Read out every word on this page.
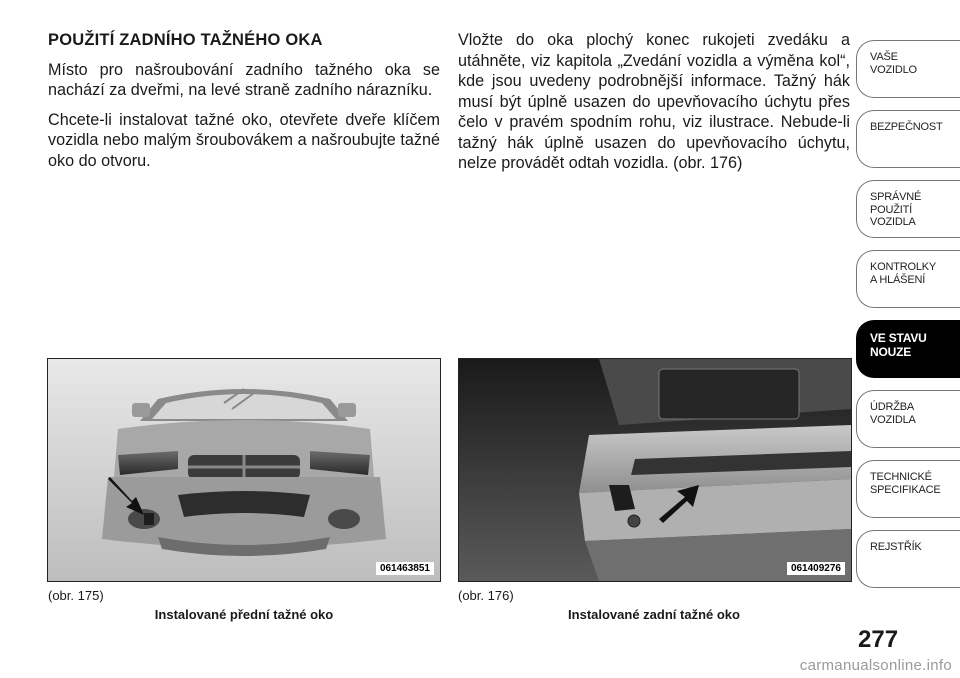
POUŽITÍ ZADNÍHO TAŽNÉHO OKA

Místo pro našroubování zadního tažného oka se nachází za dveřmi, na levé straně zadního nárazníku.

Chcete-li instalovat tažné oko, otevřete dveře klíčem vozidla nebo malým šroubovákem a našroubujte tažné oko do otvoru.

Vložte do oka plochý konec rukojeti zvedáku a utáhněte, viz kapitola „Zvedání vozidla a výměna kol“, kde jsou uvedeny podrobnější informace. Tažný hák musí být úplně usazen do upevňovacího úchytu přes čelo v pravém spodním rohu, viz ilustrace. Nebude-li tažný hák úplně usazen do upevňovacího úchytu, nelze provádět odtah vozidla. (obr. 176)

061463851	061409276
(obr. 175)
Instalované přední tažné oko
(obr. 176)
Instalované zadní tažné oko
VAŠE
VOZIDLO
BEZPEČNOST
SPRÁVNÉ
POUŽITÍ
VOZIDLA
KONTROLKY
A HLÁŠENÍ
VE STAVU
NOUZE
ÚDRŽBA
VOZIDLA
TECHNICKÉ
SPECIFIKACE
REJSTŘÍK
277
carmanualsonline.info
